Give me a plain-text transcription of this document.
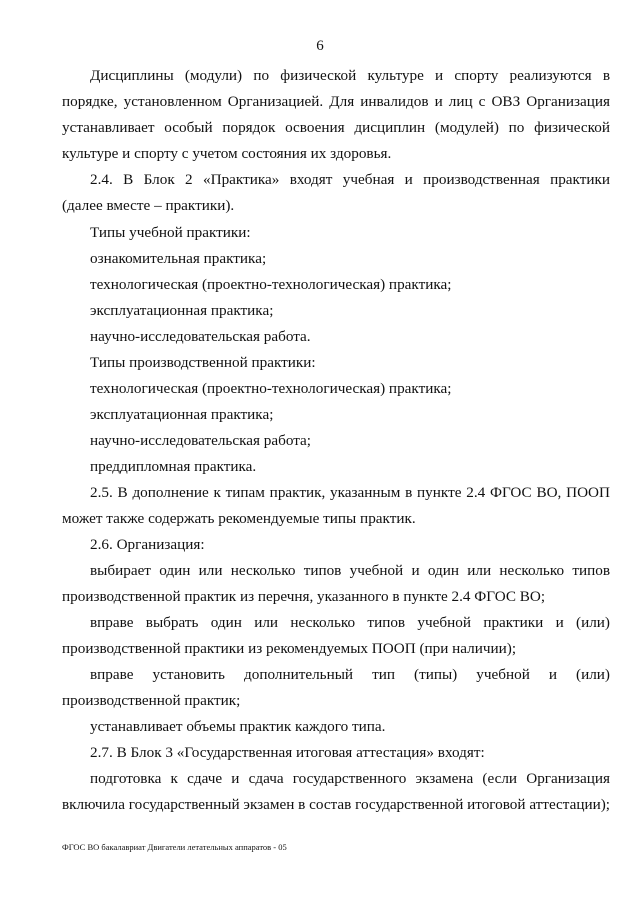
6
Дисциплины (модули) по физической культуре и спорту реализуются в
порядке, установленном Организацией. Для инвалидов и лиц с ОВЗ Организация
устанавливает особый порядок освоения дисциплин (модулей) по физической
культуре и спорту с учетом состояния их здоровья.
2.4. В Блок 2 «Практика» входят учебная и производственная практики
(далее вместе – практики).
Типы учебной практики:
ознакомительная практика;
технологическая (проектно-технологическая) практика;
эксплуатационная практика;
научно-исследовательская работа.
Типы производственной практики:
технологическая (проектно-технологическая) практика;
эксплуатационная практика;
научно-исследовательская работа;
преддипломная практика.
2.5. В дополнение к типам практик, указанным в пункте 2.4 ФГОС ВО, ПООП
может также содержать рекомендуемые типы практик.
2.6. Организация:
выбирает один или несколько типов учебной и один или несколько типов
производственной практик из перечня, указанного в пункте 2.4 ФГОС ВО;
вправе выбрать один или несколько типов учебной практики и (или)
производственной практики из рекомендуемых ПООП (при наличии);
вправе установить дополнительный тип (типы) учебной и (или)
производственной практик;
устанавливает объемы практик каждого типа.
2.7. В Блок 3 «Государственная итоговая аттестация» входят:
подготовка к сдаче и сдача государственного экзамена (если Организация
включила государственный экзамен в состав государственной итоговой аттестации);
ФГОС ВО бакалавриат Двигатели летательных аппаратов - 05
